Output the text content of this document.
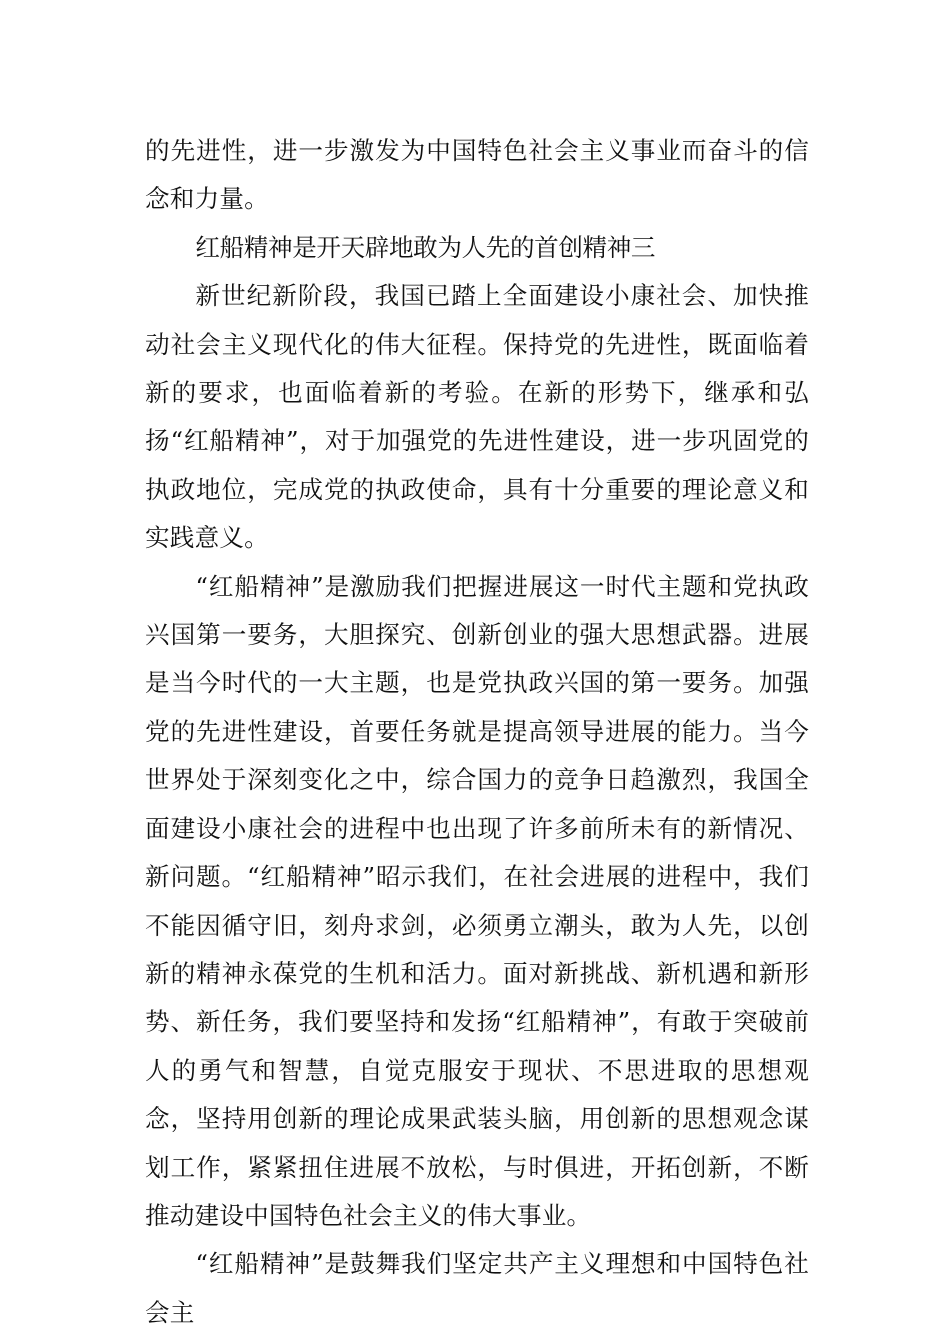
的先进性，进一步激发为中国特色社会主义事业而奋斗的信念和力量。

红船精神是开天辟地敢为人先的首创精神三

新世纪新阶段，我国已踏上全面建设小康社会、加快推动社会主义现代化的伟大征程。保持党的先进性，既面临着新的要求，也面临着新的考验。在新的形势下，继承和弘扬“红船精神”，对于加强党的先进性建设，进一步巩固党的执政地位，完成党的执政使命，具有十分重要的理论意义和实践意义。

“红船精神”是激励我们把握进展这一时代主题和党执政兴国第一要务，大胆探究、创新创业的强大思想武器。进展是当今时代的一大主题，也是党执政兴国的第一要务。加强党的先进性建设，首要任务就是提高领导进展的能力。当今世界处于深刻变化之中，综合国力的竞争日趋激烈，我国全面建设小康社会的进程中也出现了许多前所未有的新情况、新问题。“红船精神”昭示我们，在社会进展的进程中，我们不能因循守旧，刻舟求剑，必须勇立潮头，敢为人先，以创新的精神永葆党的生机和活力。面对新挑战、新机遇和新形势、新任务，我们要坚持和发扬“红船精神”，有敢于突破前人的勇气和智慧，自觉克服安于现状、不思进取的思想观念，坚持用创新的理论成果武装头脑，用创新的思想观念谋划工作，紧紧扭住进展不放松，与时俱进，开拓创新，不断推动建设中国特色社会主义的伟大事业。

“红船精神”是鼓舞我们坚定共产主义理想和中国特色社会主
